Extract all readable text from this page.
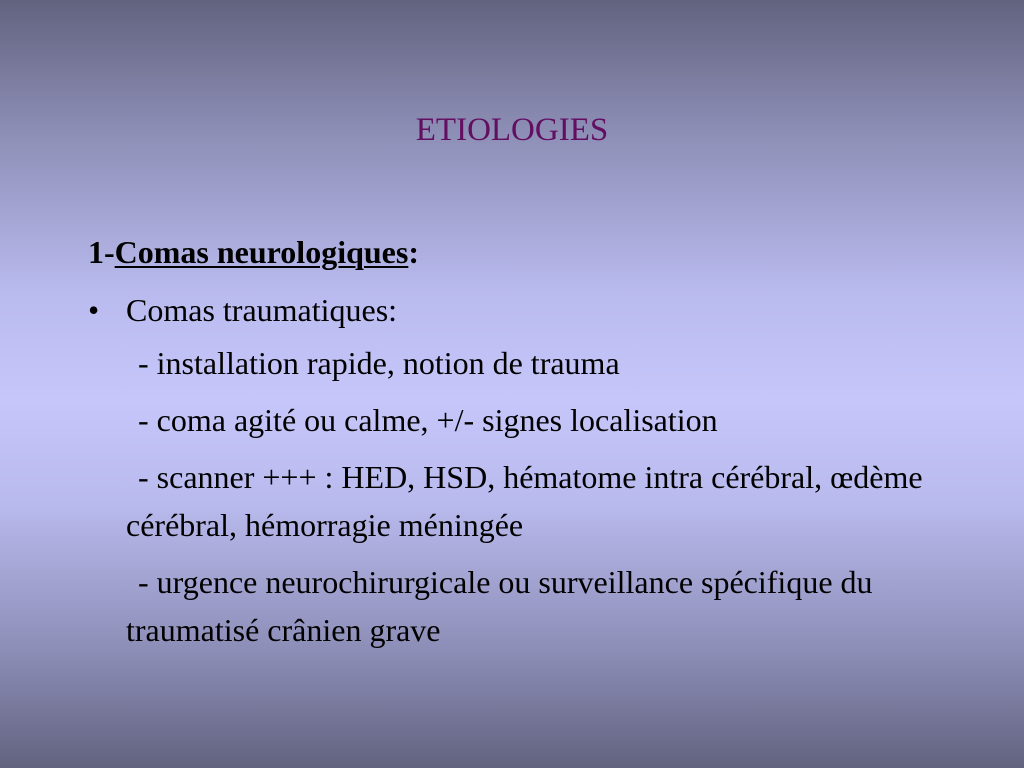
ETIOLOGIES
1-Comas neurologiques:
• Comas traumatiques:
- installation rapide, notion de trauma
- coma agité ou calme, +/- signes localisation
- scanner +++ : HED, HSD, hématome intra cérébral, œdème cérébral, hémorragie méningée
- urgence neurochirurgicale ou surveillance spécifique du traumatisé crânien grave
